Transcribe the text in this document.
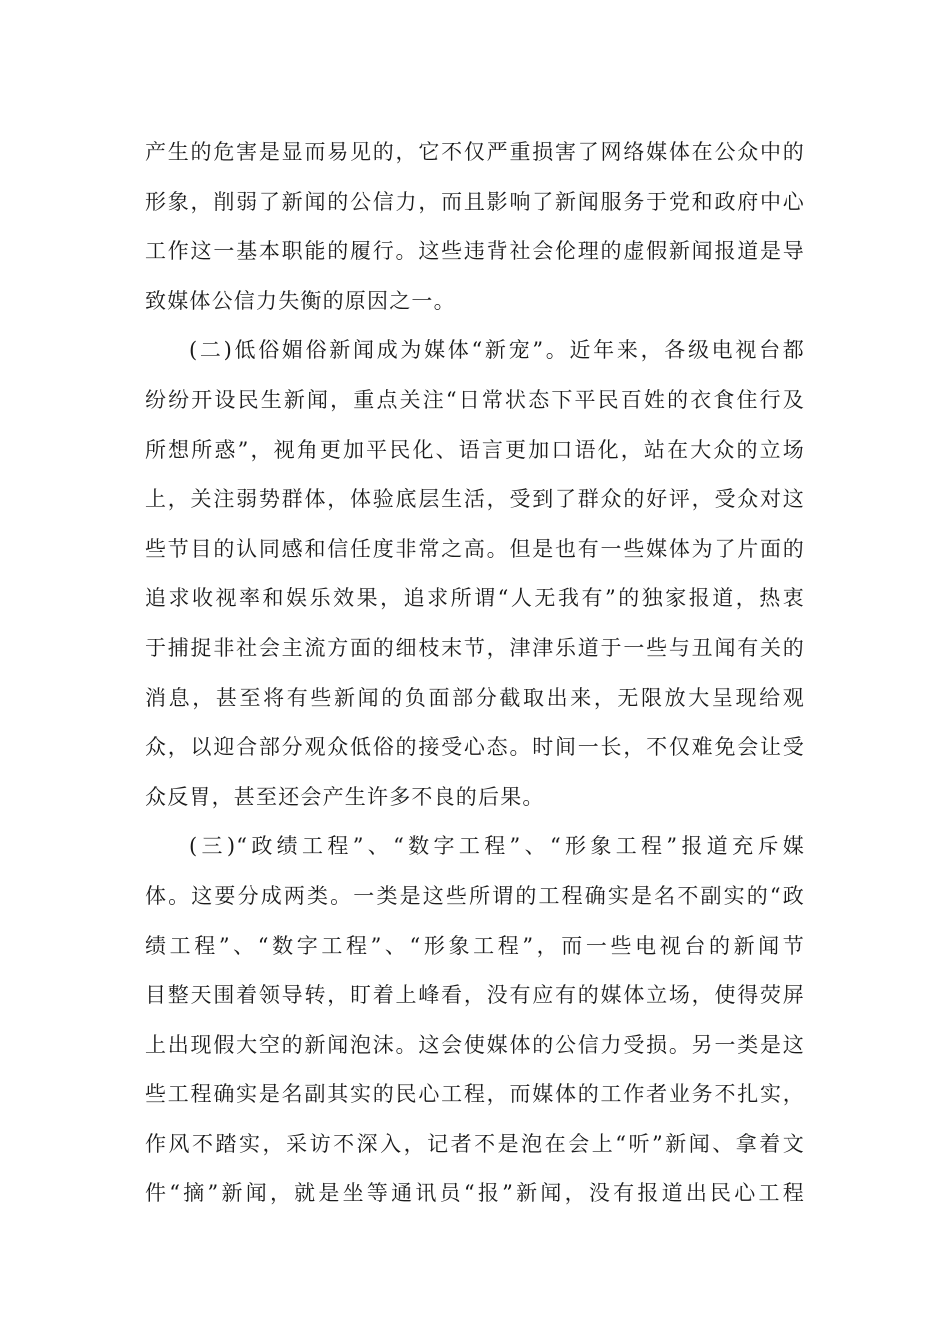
产生的危害是显而易见的，它不仅严重损害了网络媒体在公众中的
形象，削弱了新闻的公信力，而且影响了新闻服务于党和政府中心
工作这一基本职能的履行。这些违背社会伦理的虚假新闻报道是导
致媒体公信力失衡的原因之一。
(二)低俗媚俗新闻成为媒体“新宠”。近年来，各级电视台都
纷纷开设民生新闻，重点关注“日常状态下平民百姓的衣食住行及
所想所惑”，视角更加平民化、语言更加口语化，站在大众的立场
上，关注弱势群体，体验底层生活，受到了群众的好评，受众对这
些节目的认同感和信任度非常之高。但是也有一些媒体为了片面的
追求收视率和娱乐效果，追求所谓“人无我有”的独家报道，热衷
于捕捉非社会主流方面的细枝末节，津津乐道于一些与丑闻有关的
消息，甚至将有些新闻的负面部分截取出来，无限放大呈现给观
众，以迎合部分观众低俗的接受心态。时间一长，不仅难免会让受
众反胃，甚至还会产生许多不良的后果。
(三)“政绩工程”、“数字工程”、“形象工程”报道充斥媒
体。这要分成两类。一类是这些所谓的工程确实是名不副实的“政
绩工程”、“数字工程”、“形象工程”，而一些电视台的新闻节
目整天围着领导转，盯着上峰看，没有应有的媒体立场，使得荧屏
上出现假大空的新闻泡沫。这会使媒体的公信力受损。另一类是这
些工程确实是名副其实的民心工程，而媒体的工作者业务不扎实，
作风不踏实，采访不深入，记者不是泡在会上“听”新闻、拿着文
件“摘”新闻，就是坐等通讯员“报”新闻，没有报道出民心工程
